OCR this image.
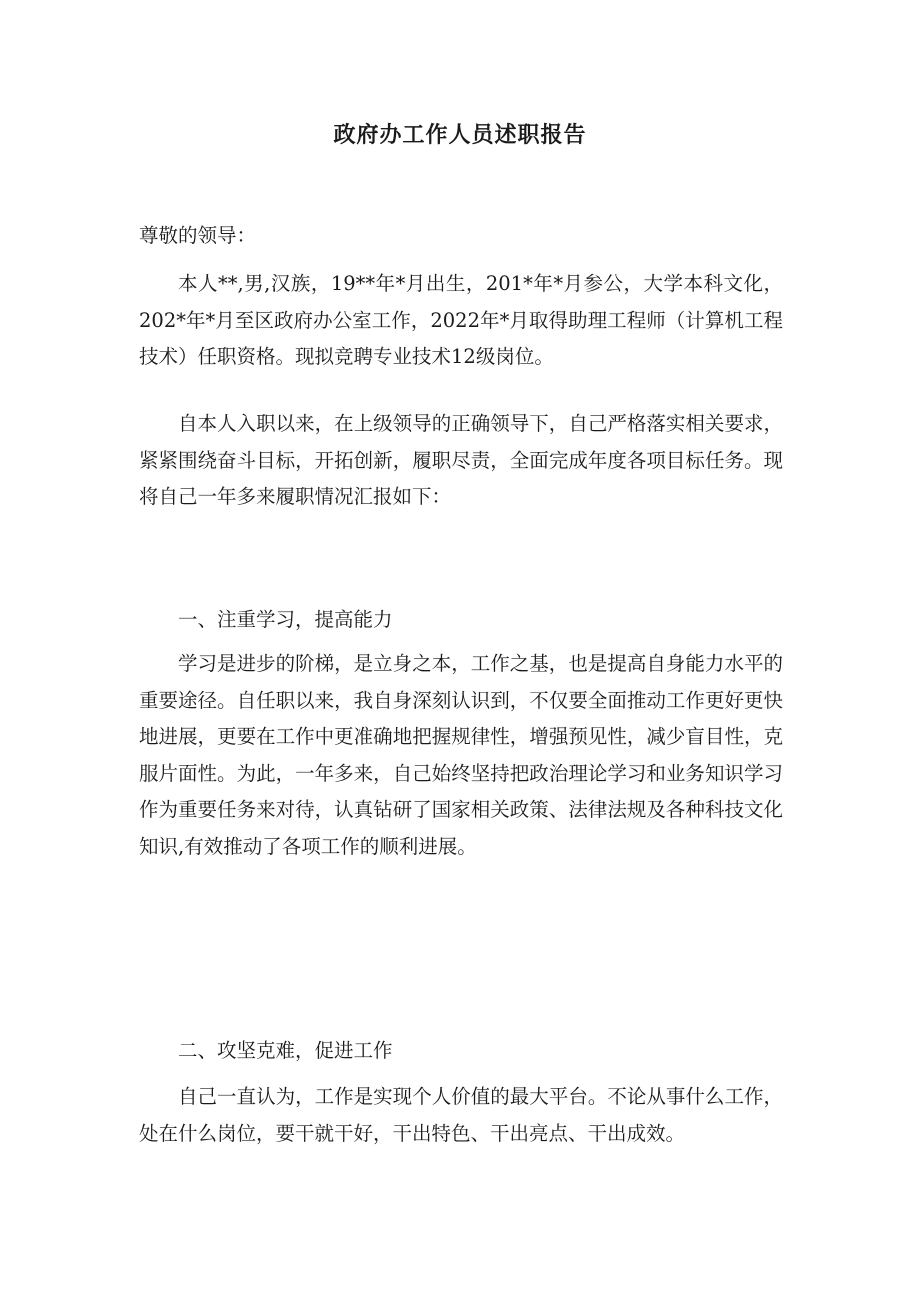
政府办工作人员述职报告
尊敬的领导：
本人**,男,汉族，19**年*月出生，201*年*月参公，大学本科文化，202*年*月至区政府办公室工作，2022年*月取得助理工程师（计算机工程技术）任职资格。现拟竞聘专业技术12级岗位。
自本人入职以来，在上级领导的正确领导下，自己严格落实相关要求，紧紧围绕奋斗目标，开拓创新，履职尽责，全面完成年度各项目标任务。现将自己一年多来履职情况汇报如下：
一、注重学习，提高能力
学习是进步的阶梯，是立身之本，工作之基，也是提高自身能力水平的重要途径。自任职以来，我自身深刻认识到，不仅要全面推动工作更好更快地进展，更要在工作中更准确地把握规律性，增强预见性，减少盲目性，克服片面性。为此，一年多来，自己始终坚持把政治理论学习和业务知识学习作为重要任务来对待，认真钻研了国家相关政策、法律法规及各种科技文化知识,有效推动了各项工作的顺利进展。
二、攻坚克难，促进工作
自己一直认为，工作是实现个人价值的最大平台。不论从事什么工作，处在什么岗位，要干就干好，干出特色、干出亮点、干出成效。
